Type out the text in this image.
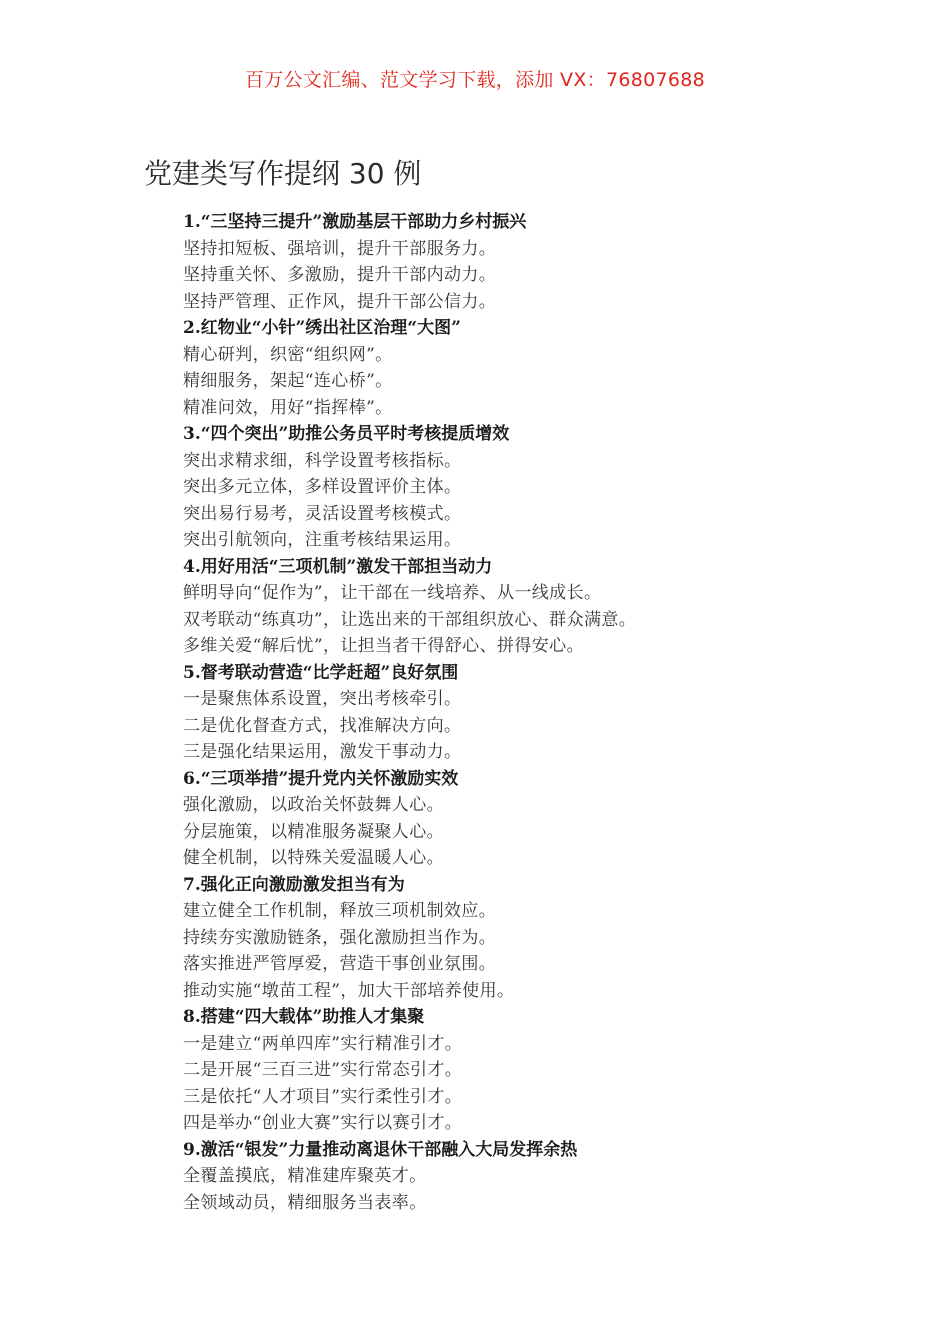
百万公文汇编、范文学习下载，添加 VX：76807688
党建类写作提纲 30 例
1.“三坚持三提升”激励基层干部助力乡村振兴
坚持扣短板、强培训，提升干部服务力。
坚持重关怀、多激励，提升干部内动力。
坚持严管理、正作风，提升干部公信力。
2.红物业“小针”绣出社区治理“大图”
精心研判，织密“组织网”。
精细服务，架起“连心桥”。
精准问效，用好“指挥棒”。
3.“四个突出”助推公务员平时考核提质增效
突出求精求细，科学设置考核指标。
突出多元立体，多样设置评价主体。
突出易行易考，灵活设置考核模式。
突出引航领向，注重考核结果运用。
4.用好用活“三项机制”激发干部担当动力
鲜明导向“促作为”，让干部在一线培养、从一线成长。
双考联动“练真功”，让选出来的干部组织放心、群众满意。
多维关爱“解后忧”，让担当者干得舒心、拼得安心。
5.督考联动营造“比学赶超”良好氛围
一是聚焦体系设置，突出考核牵引。
二是优化督查方式，找准解决方向。
三是强化结果运用，激发干事动力。
6.“三项举措”提升党内关怀激励实效
强化激励，以政治关怀鼓舞人心。
分层施策，以精准服务凝聚人心。
健全机制，以特殊关爱温暖人心。
7.强化正向激励激发担当有为
建立健全工作机制，释放三项机制效应。
持续夯实激励链条，强化激励担当作为。
落实推进严管厚爱，营造干事创业氛围。
推动实施“墩苗工程”，加大干部培养使用。
8.搭建“四大载体”助推人才集聚
一是建立“两单四库”实行精准引才。
二是开展“三百三进”实行常态引才。
三是依托“人才项目”实行柔性引才。
四是举办“创业大赛”实行以赛引才。
9.激活“银发”力量推动离退休干部融入大局发挥余热
全覆盖摸底，精准建库聚英才。
全领域动员，精细服务当表率。
